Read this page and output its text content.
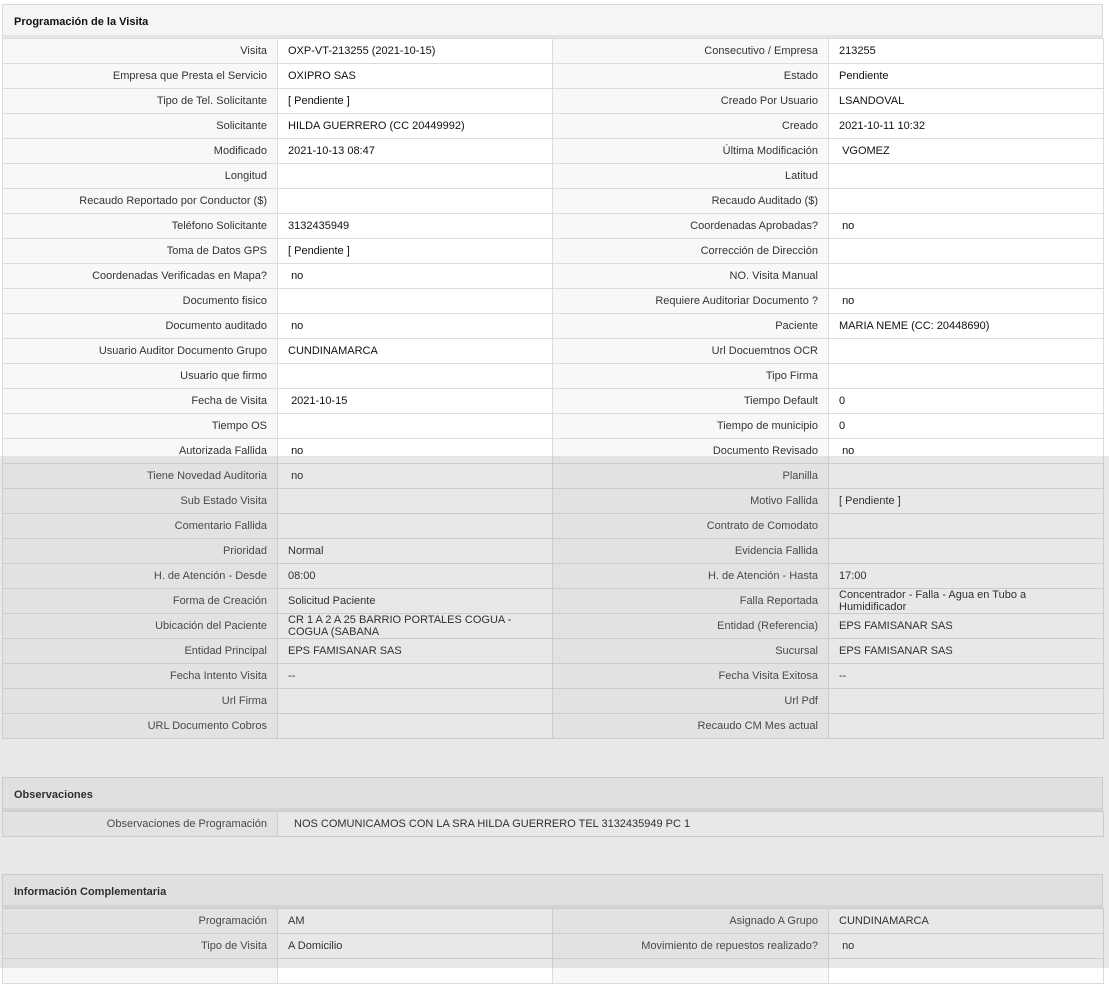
Programación de la Visita
Visita	OXP-VT-213255 (2021-10-15)	Consecutivo / Empresa	213255
Empresa que Presta el Servicio	OXIPRO SAS	Estado	Pendiente
Tipo de Tel. Solicitante	[ Pendiente ]	Creado Por Usuario	LSANDOVAL
Solicitante	HILDA GUERRERO (CC 20449992)	Creado	2021-10-11 10:32
Modificado	2021-10-13 08:47	Última Modificación	VGOMEZ
Longitud		Latitud	
Recaudo Reportado por Conductor ($)		Recaudo Auditado ($)	
Teléfono Solicitante	3132435949	Coordenadas Aprobadas?	no
Toma de Datos GPS	[ Pendiente ]	Corrección de Dirección	
Coordenadas Verificadas en Mapa?	no	NO. Visita Manual	
Documento fisico		Requiere Auditoriar Documento ?	no
Documento auditado	no	Paciente	MARIA NEME (CC: 20448690)
Usuario Auditor Documento Grupo	CUNDINAMARCA	Url Docuemtnos OCR	
Usuario que firmo		Tipo Firma	
Fecha de Visita	2021-10-15	Tiempo Default	0
Tiempo OS		Tiempo de municipio	0
Autorizada Fallida	no	Documento Revisado	no
Tiene Novedad Auditoria	no	Planilla	
Sub Estado Visita		Motivo Fallida	[ Pendiente ]
Comentario Fallida		Contrato de Comodato	
Prioridad	Normal	Evidencia Fallida	
H. de Atención - Desde	08:00	H. de Atención - Hasta	17:00
Forma de Creación	Solicitud Paciente	Falla Reportada	Concentrador - Falla - Agua en Tubo a Humidificador
Ubicación del Paciente	CR 1 A 2 A 25 BARRIO PORTALES COGUA - COGUA (SABANA	Entidad (Referencia)	EPS FAMISANAR SAS
Entidad Principal	EPS FAMISANAR SAS	Sucursal	EPS FAMISANAR SAS
Fecha Intento Visita	--	Fecha Visita Exitosa	--
Url Firma		Url Pdf	
URL Documento Cobros		Recaudo CM Mes actual	
Observaciones
Observaciones de Programación	NOS COMUNICAMOS CON LA SRA HILDA GUERRERO TEL 3132435949 PC 1
Información Complementaria
Programación	AM	Asignado A Grupo	CUNDINAMARCA
Tipo de Visita	A Domicilio	Movimiento de repuestos realizado?	no
